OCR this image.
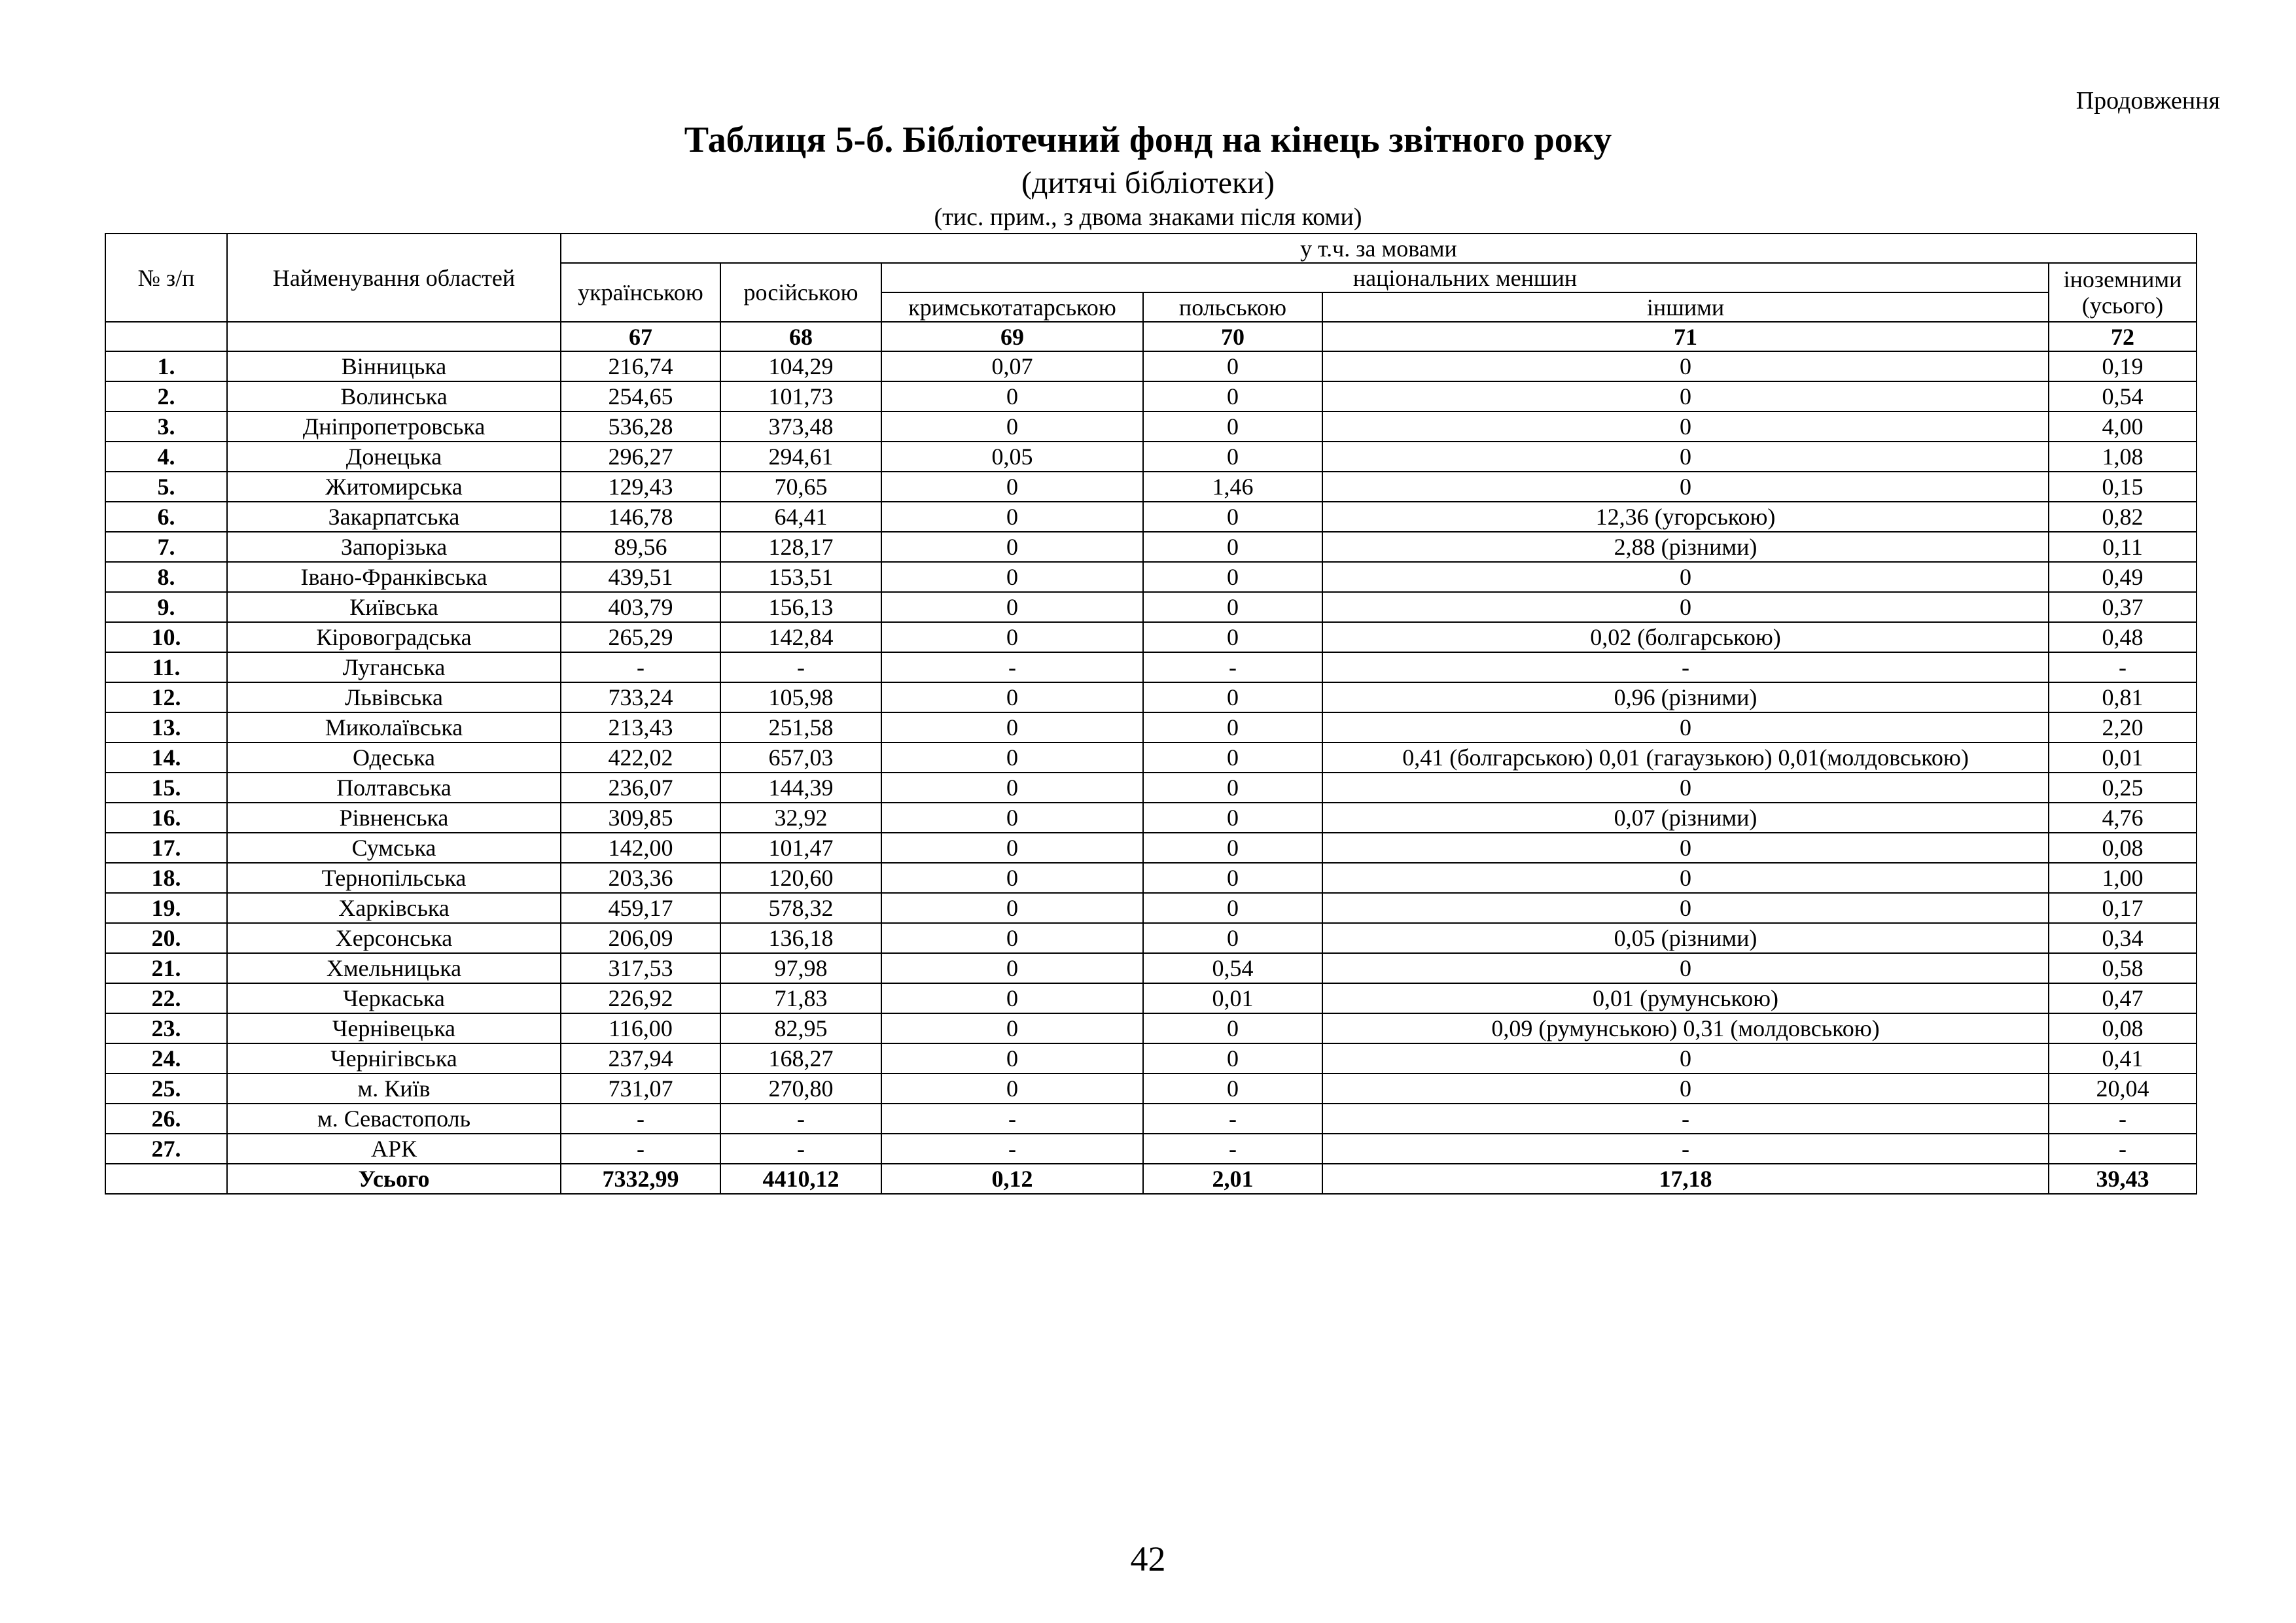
Продовження
Таблиця 5-б. Бібліотечний фонд на кінець звітного року
(дитячі бібліотеки)
(тис. прим., з двома знаками після коми)
№ з/п	Найменування областей	у т.ч. за мовами					
		українською	російською	національних меншин			іноземними (усього)
				кримськотатарською	польською	іншими	
		67	68	69	70	71	72
1.	Вінницька	216,74	104,29	0,07	0	0	0,19
2.	Волинська	254,65	101,73	0	0	0	0,54
3.	Дніпропетровська	536,28	373,48	0	0	0	4,00
4.	Донецька	296,27	294,61	0,05	0	0	1,08
5.	Житомирська	129,43	70,65	0	1,46	0	0,15
6.	Закарпатська	146,78	64,41	0	0	12,36 (угорською)	0,82
7.	Запорізька	89,56	128,17	0	0	2,88 (різними)	0,11
8.	Івано-Франківська	439,51	153,51	0	0	0	0,49
9.	Київська	403,79	156,13	0	0	0	0,37
10.	Кіровоградська	265,29	142,84	0	0	0,02 (болгарською)	0,48
11.	Луганська	-	-	-	-	-	-
12.	Львівська	733,24	105,98	0	0	0,96 (різними)	0,81
13.	Миколаївська	213,43	251,58	0	0	0	2,20
14.	Одеська	422,02	657,03	0	0	0,41 (болгарською) 0,01 (гагаузькою) 0,01(молдовською)	0,01
15.	Полтавська	236,07	144,39	0	0	0	0,25
16.	Рівненська	309,85	32,92	0	0	0,07 (різними)	4,76
17.	Сумська	142,00	101,47	0	0	0	0,08
18.	Тернопільська	203,36	120,60	0	0	0	1,00
19.	Харківська	459,17	578,32	0	0	0	0,17
20.	Херсонська	206,09	136,18	0	0	0,05 (різними)	0,34
21.	Хмельницька	317,53	97,98	0	0,54	0	0,58
22.	Черкаська	226,92	71,83	0	0,01	0,01 (румунською)	0,47
23.	Чернівецька	116,00	82,95	0	0	0,09 (румунською) 0,31 (молдовською)	0,08
24.	Чернігівська	237,94	168,27	0	0	0	0,41
25.	м. Київ	731,07	270,80	0	0	0	20,04
26.	м. Севастополь	-	-	-	-	-	-
27.	АРК	-	-	-	-	-	-
	Усього	7332,99	4410,12	0,12	2,01	17,18	39,43
42
